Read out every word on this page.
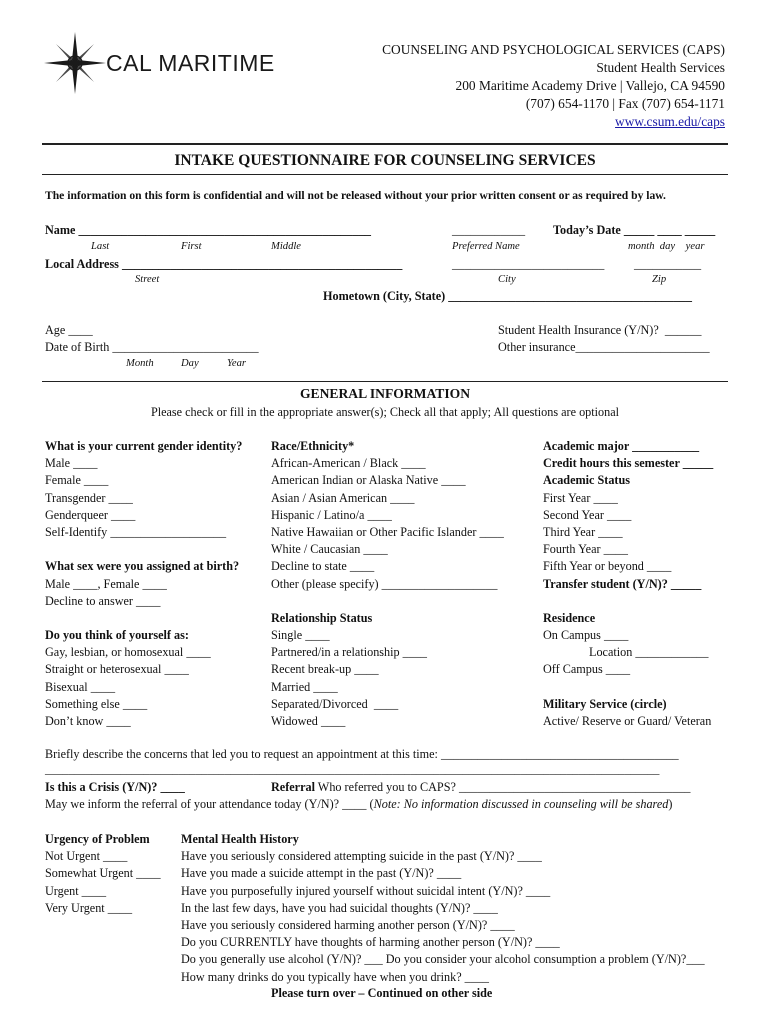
CAL MARITIME
COUNSELING AND PSYCHOLOGICAL SERVICES (CAPS)
Student Health Services
200 Maritime Academy Drive | Vallejo, CA 94590
(707) 654-1170 | Fax (707) 654-1171
www.csum.edu/caps
INTAKE QUESTIONNAIRE FOR COUNSELING SERVICES
The information on this form is confidential and will not be released without your prior written consent or as required by law.
Name ________________________________________________	____________ Today’s Date _____ ____ _____
Last	First	Middle	Preferred Name	month  day    year
Local Address ______________________________________________	_________________________ ___________
Street	City	Zip
Hometown (City, State) ________________________________________
Age ____
Date of Birth ________________________
Month	Day	Year
Student Health Insurance (Y/N)?  ______
Other insurance______________________
GENERAL INFORMATION
Please check or fill in the appropriate answer(s); Check all that apply; All questions are optional
What is your current gender identity?
Male ____
Female ____
Transgender ____
Genderqueer ____
Self-Identify ___________________
What sex were you assigned at birth?
Male ____, Female ____
Decline to answer ____
Do you think of yourself as:
Gay, lesbian, or homosexual ____
Straight or heterosexual ____
Bisexual ____
Something else ____
Don’t know ____
Race/Ethnicity*
African-American / Black ____
American Indian or Alaska Native ____
Asian / Asian American ____
Hispanic / Latino/a ____
Native Hawaiian or Other Pacific Islander ____
White / Caucasian ____
Decline to state ____
Other (please specify) ___________________
Relationship Status
Single ____
Partnered/in a relationship ____
Recent break-up ____
Married ____
Separated/Divorced  ____
Widowed ____
Academic major ___________
Credit hours this semester _____
Academic Status
First Year ____
Second Year ____
Third Year ____
Fourth Year ____
Fifth Year or beyond ____
Transfer student (Y/N)? _____
Residence
On Campus ____
Location ____________
Off Campus ____
Military Service (circle)
Active/ Reserve or Guard/ Veteran
Briefly describe the concerns that led you to request an appointment at this time: _______________________________________
__________________________________________________________________________________________________________
Is this a Crisis (Y/N)? ____	Referral Who referred you to CAPS? ______________________________________
May we inform the referral of your attendance today (Y/N)? ____ (Note: No information discussed in counseling will be shared)
Urgency of Problem
Not Urgent ____
Somewhat Urgent ____
Urgent ____
Very Urgent ____
Mental Health History
Have you seriously considered attempting suicide in the past (Y/N)? ____
Have you made a suicide attempt in the past (Y/N)? ____
Have you purposefully injured yourself without suicidal intent (Y/N)? ____
In the last few days, have you had suicidal thoughts (Y/N)? ____
Have you seriously considered harming another person (Y/N)? ____
Do you CURRENTLY have thoughts of harming another person (Y/N)? ____
Do you generally use alcohol (Y/N)? ___ Do you consider your alcohol consumption a problem (Y/N)?___
How many drinks do you typically have when you drink? ____
Please turn over – Continued on other side
